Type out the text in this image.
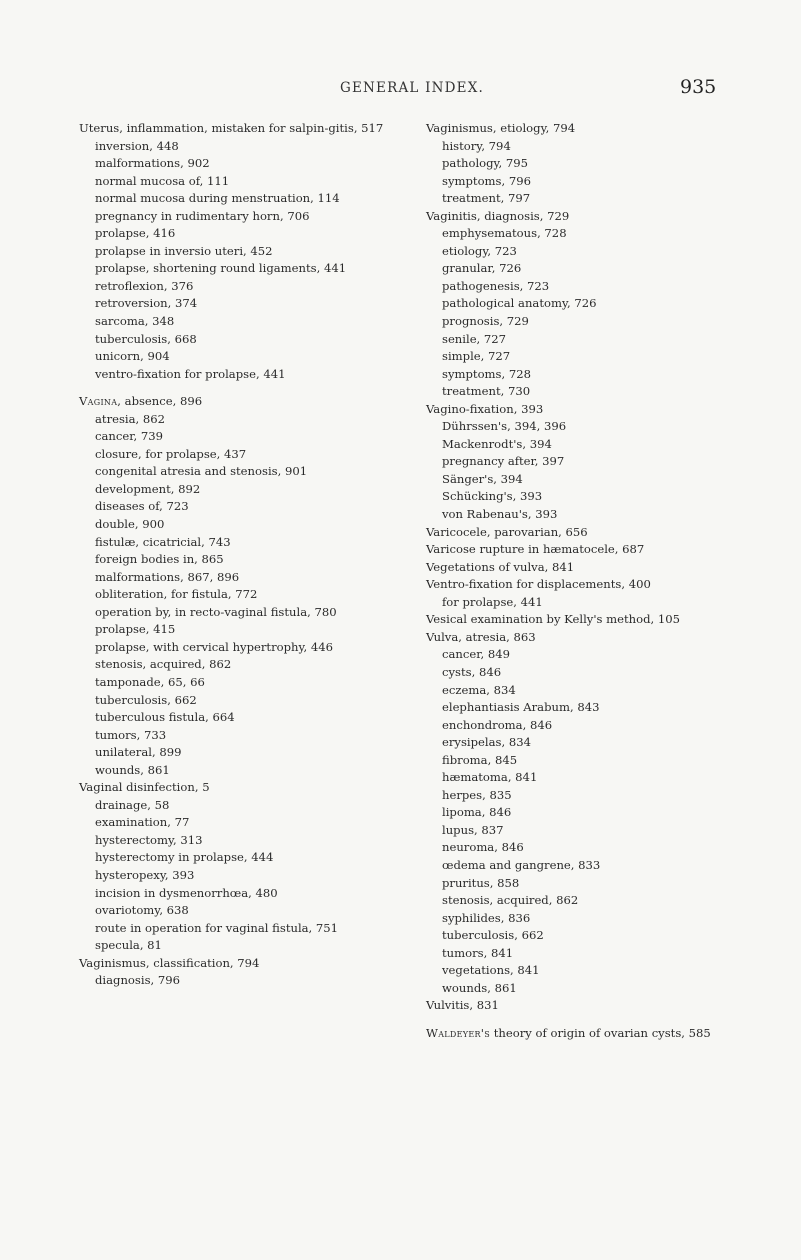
GENERAL INDEX.	935
Uterus, inflammation, mistaken for salpin-gitis, 517
inversion, 448
malformations, 902
normal mucosa of, 111
normal mucosa during menstruation, 114
pregnancy in rudimentary horn, 706
prolapse, 416
prolapse in inversio uteri, 452
prolapse, shortening round ligaments, 441
retroflexion, 376
retroversion, 374
sarcoma, 348
tuberculosis, 668
unicorn, 904
ventro-fixation for prolapse, 441
Vagina, absence, 896
atresia, 862
cancer, 739
closure, for prolapse, 437
congenital atresia and stenosis, 901
development, 892
diseases of, 723
double, 900
fistulæ, cicatricial, 743
foreign bodies in, 865
malformations, 867, 896
obliteration, for fistula, 772
operation by, in recto-vaginal fistula, 780
prolapse, 415
prolapse, with cervical hypertrophy, 446
stenosis, acquired, 862
tamponade, 65, 66
tuberculosis, 662
tuberculous fistula, 664
tumors, 733
unilateral, 899
wounds, 861
Vaginal disinfection, 5
drainage, 58
examination, 77
hysterectomy, 313
hysterectomy in prolapse, 444
hysteropexy, 393
incision in dysmenorrhœa, 480
ovariotomy, 638
route in operation for vaginal fistula, 751
specula, 81
Vaginismus, classification, 794
diagnosis, 796
Vaginismus, etiology, 794
history, 794
pathology, 795
symptoms, 796
treatment, 797
Vaginitis, diagnosis, 729
emphysematous, 728
etiology, 723
granular, 726
pathogenesis, 723
pathological anatomy, 726
prognosis, 729
senile, 727
simple, 727
symptoms, 728
treatment, 730
Vagino-fixation, 393
Dührssen's, 394, 396
Mackenrodt's, 394
pregnancy after, 397
Sänger's, 394
Schücking's, 393
von Rabenau's, 393
Varicocele, parovarian, 656
Varicose rupture in hæmatocele, 687
Vegetations of vulva, 841
Ventro-fixation for displacements, 400
for prolapse, 441
Vesical examination by Kelly's method, 105
Vulva, atresia, 863
cancer, 849
cysts, 846
eczema, 834
elephantiasis Arabum, 843
enchondroma, 846
erysipelas, 834
fibroma, 845
hæmatoma, 841
herpes, 835
lipoma, 846
lupus, 837
neuroma, 846
œdema and gangrene, 833
pruritus, 858
stenosis, acquired, 862
syphilides, 836
tuberculosis, 662
tumors, 841
vegetations, 841
wounds, 861
Vulvitis, 831
Waldeyer's theory of origin of ovarian cysts, 585
